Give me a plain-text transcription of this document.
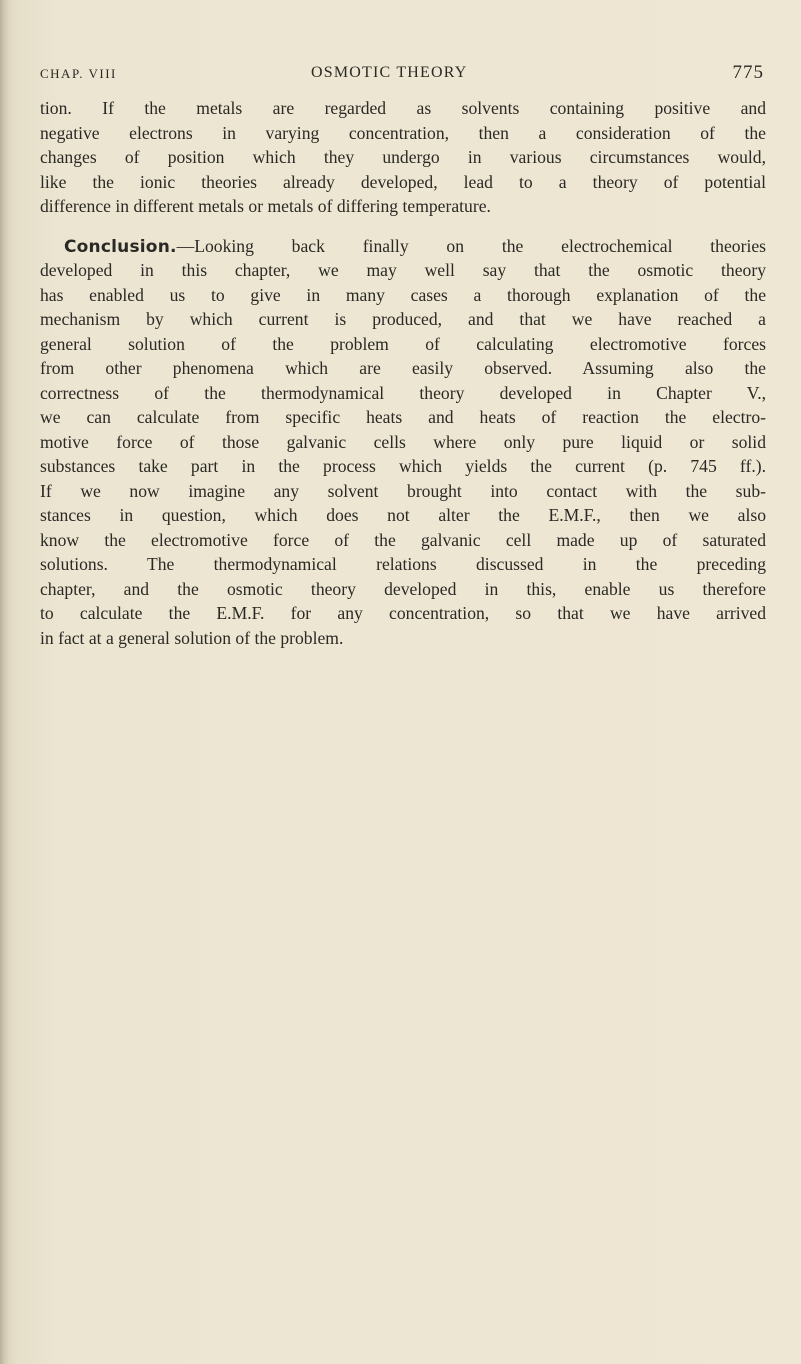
CHAP. VIII	OSMOTIC THEORY	775
tion. If the metals are regarded as solvents containing positive and
negative electrons in varying concentration, then a consideration of the
changes of position which they undergo in various circumstances would,
like the ionic theories already developed, lead to a theory of potential
difference in different metals or metals of differing temperature.
Conclusion.—Looking back finally on the electrochemical theories
developed in this chapter, we may well say that the osmotic theory
has enabled us to give in many cases a thorough explanation of the
mechanism by which current is produced, and that we have reached a
general solution of the problem of calculating electromotive forces
from other phenomena which are easily observed. Assuming also the
correctness of the thermodynamical theory developed in Chapter V.,
we can calculate from specific heats and heats of reaction the electro-
motive force of those galvanic cells where only pure liquid or solid
substances take part in the process which yields the current (p. 745 ff.).
If we now imagine any solvent brought into contact with the sub-
stances in question, which does not alter the E.M.F., then we also
know the electromotive force of the galvanic cell made up of saturated
solutions. The thermodynamical relations discussed in the preceding
chapter, and the osmotic theory developed in this, enable us therefore
to calculate the E.M.F. for any concentration, so that we have arrived
in fact at a general solution of the problem.
